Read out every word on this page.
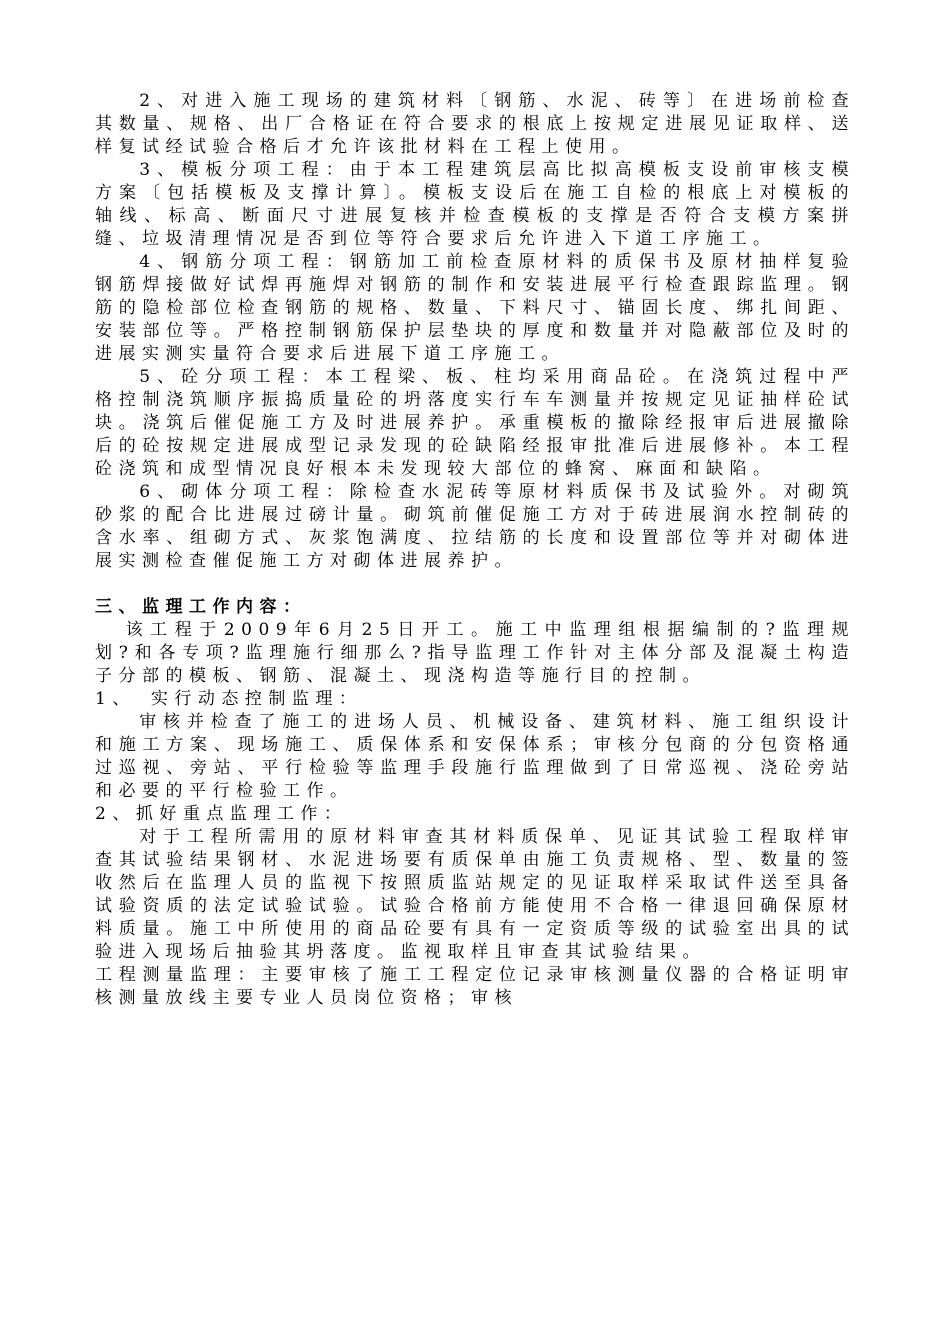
2、对进入施工现场的建筑材料〔钢筋、水泥、砖等〕在进场前检查其数量、规格、出厂合格证在符合要求的根底上按规定进展见证取样、送样复试经试验合格后才允许该批材料在工程上使用。

3、模板分项工程：由于本工程建筑层高比拟高模板支设前审核支模方案〔包括模板及支撑计算〕。模板支设后在施工自检的根底上对模板的轴线、标高、断面尺寸进展复核并检查模板的支撑是否符合支模方案拼缝、垃圾清理情况是否到位等符合要求后允许进入下道工序施工。

4、钢筋分项工程：钢筋加工前检查原材料的质保书及原材抽样复验钢筋焊接做好试焊再施焊对钢筋的制作和安装进展平行检查跟踪监理。钢筋的隐检部位检查钢筋的规格、数量、下料尺寸、锚固长度、绑扎间距、安装部位等。严格控制钢筋保护层垫块的厚度和数量并对隐蔽部位及时的进展实测实量符合要求后进展下道工序施工。

5、砼分项工程：本工程梁、板、柱均采用商品砼。在浇筑过程中严格控制浇筑顺序振捣质量砼的坍落度实行车车测量并按规定见证抽样砼试块。浇筑后催促施工方及时进展养护。承重模板的撤除经报审后进展撤除后的砼按规定进展成型记录发现的砼缺陷经报审批准后进展修补。本工程砼浇筑和成型情况良好根本未发现较大部位的蜂窝、麻面和缺陷。

6、砌体分项工程：除检查水泥砖等原材料质保书及试验外。对砌筑砂浆的配合比进展过磅计量。砌筑前催促施工方对于砖进展润水控制砖的含水率、组砌方式、灰浆饱满度、拉结筋的长度和设置部位等并对砌体进展实测检查催促施工方对砌体进展养护。

三、监理工作内容：

该工程于2009年6月25日开工。施工中监理组根据编制的?监理规划?和各专项?监理施行细那么?指导监理工作针对主体分部及混凝土构造子分部的模板、钢筋、混凝土、现浇构造等施行目的控制。

1、　实行动态控制监理：

审核并检查了施工的进场人员、机械设备、建筑材料、施工组织设计和施工方案、现场施工、质保体系和安保体系；审核分包商的分包资格通过巡视、旁站、平行检验等监理手段施行监理做到了日常巡视、浇砼旁站和必要的平行检验工作。

2、抓好重点监理工作：

对于工程所需用的原材料审查其材料质保单、见证其试验工程取样审查其试验结果钢材、水泥进场要有质保单由施工负责规格、型、数量的签收然后在监理人员的监视下按照质监站规定的见证取样采取试件送至具备试验资质的法定试验试验。试验合格前方能使用不合格一律退回确保原材料质量。施工中所使用的商品砼要有具有一定资质等级的试验室出具的试验进入现场后抽验其坍落度。监视取样且审查其试验结果。

工程测量监理：主要审核了施工工程定位记录审核测量仪器的合格证明审核测量放线主要专业人员岗位资格；审核
